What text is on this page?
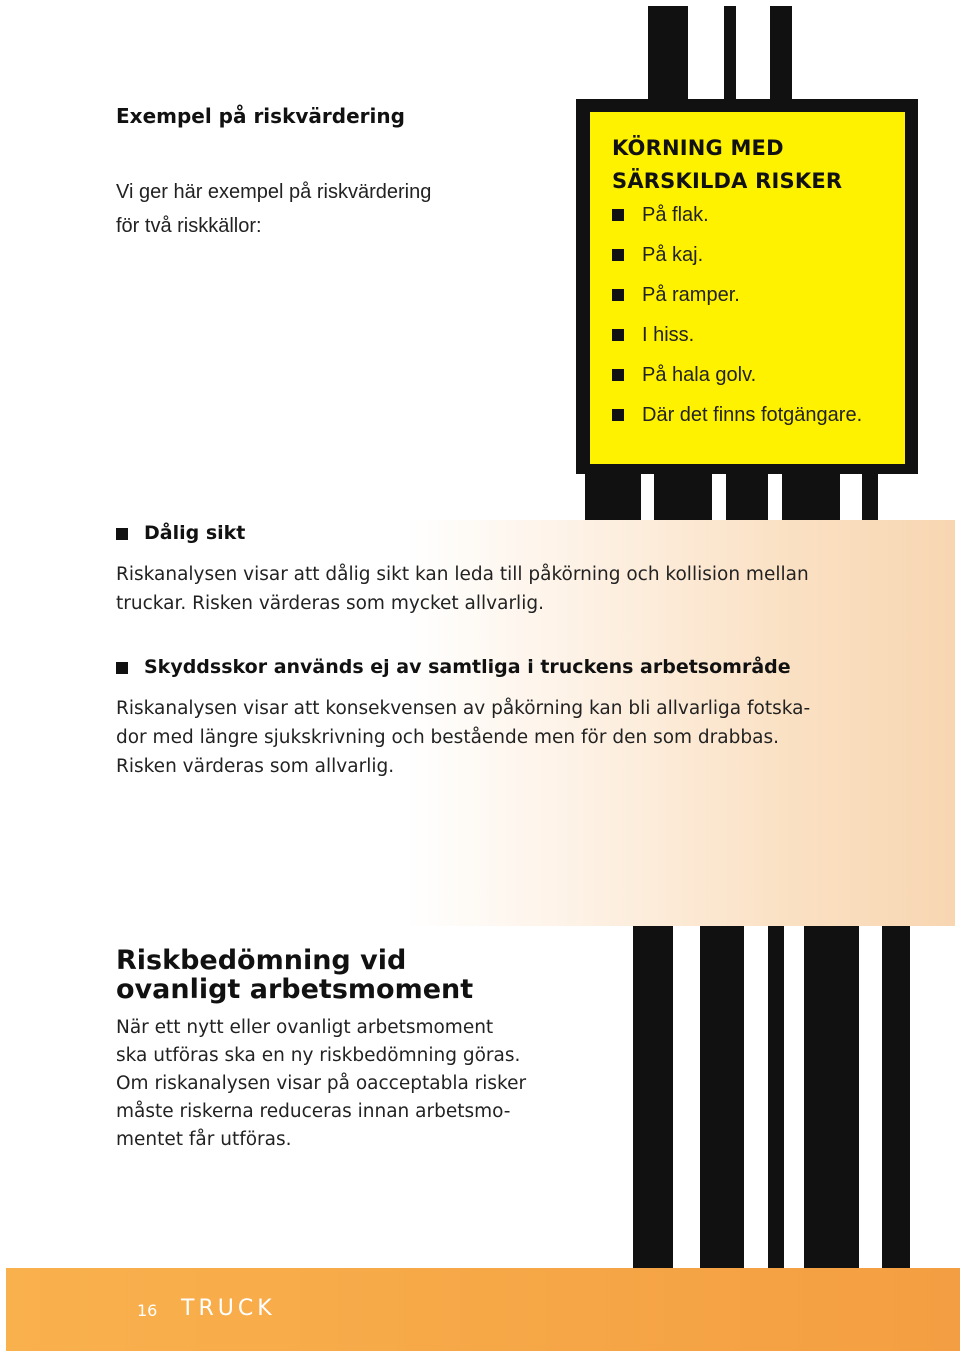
KÖRNING MED
SÄRSKILDA RISKER
På flak.
På kaj.
På ramper.
I hiss.
På hala golv.
Där det finns fotgängare.
Exempel på riskvärdering
Vi ger här exempel på riskvärdering
för två riskkällor:
Dålig sikt
Riskanalysen visar att dålig sikt kan leda till påkörning och kollision mellan
truckar. Risken värderas som mycket allvarlig.
Skyddsskor används ej av samtliga i truckens arbetsområde
Riskanalysen visar att konsekvensen av påkörning kan bli allvarliga fotska-
dor med längre sjukskrivning och bestående men för den som drabbas.
Risken värderas som allvarlig.
Riskbedömning vid
ovanligt arbetsmoment
När ett nytt eller ovanligt arbetsmoment
ska utföras ska en ny riskbedömning göras.
Om riskanalysen visar på oacceptabla risker
måste riskerna reduceras innan arbetsmo-
mentet får utföras.
16 TRUCK
